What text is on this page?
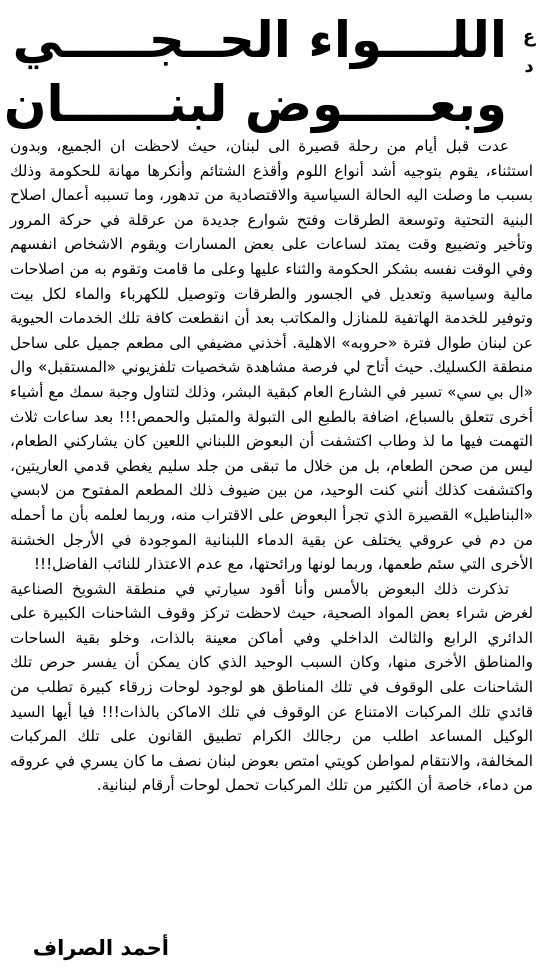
ع د
اللــــواء الحــجـــــي
وبعـــــوض لبنــــــان

عدت قبل أيام من رحلة قصيرة الى لبنان، حيث لاحظت ان الجميع، وبدون استثناء، يقوم بتوجيه أشد أنواع اللوم وأقذع الشتائم وأنكرها مهانة للحكومة وذلك بسبب ما وصلت اليه الحالة السياسية والاقتصادية من تدهور، وما تسببه أعمال اصلاح البنية التحتية وتوسعة الطرقات وفتح شوارع جديدة من عرقلة في حركة المرور وتأخير وتضييع وقت يمتد لساعات على بعض المسارات ويقوم الاشخاص انفسهم وفي الوقت نفسه بشكر الحكومة والثناء عليها وعلى ما قامت وتقوم به من اصلاحات مالية وسياسية وتعديل في الجسور والطرقات وتوصيل للكهرباء والماء لكل بيت وتوفير للخدمة الهاتفية للمنازل والمكاتب بعد أن انقطعت كافة تلك الخدمات الحيوية عن لبنان طوال فترة «حروبه» الاهلية. أخذني مضيفي الى مطعم جميل على ساحل منطقة الكسليك. حيث أتاح لي فرصة مشاهدة شخصيات تلفزيوني «المستقبل» وال «ال بي سي» تسير في الشارع العام كبقية البشر، وذلك لتناول وجبة سمك مع أشياء أخرى تتعلق بالسباع، اضافة بالطبع الى التبولة والمتبل والحمص!!! بعد ساعات ثلاث التهمت فيها ما لذ وطاب اكتشفت أن البعوض اللبناني اللعين كان يشاركني الطعام، ليس من صحن الطعام، بل من خلال ما تبقى من جلد سليم يغطي قدمي العاريتين، واكتشفت كذلك أنني كنت الوحيد، من بين ضيوف ذلك المطعم المفتوح من لابسي «البناطيل» القصيرة الذي تجرأ البعوض على الاقتراب منه، وربما لعلمه بأن ما أحمله من دم في عروقي يختلف عن بقية الدماء اللبنانية الموجودة في الأرجل الخشنة الأخرى التي سئم طعمها، وربما لونها ورائحتها، مع عدم الاعتذار للنائب الفاضل!!!

تذكرت ذلك البعوض بالأمس وأنا أقود سيارتي في منطقة الشويخ الصناعية لغرض شراء بعض المواد الصحية، حيث لاحظت تركز وقوف الشاحنات الكبيرة على الدائري الرابع والثالث الداخلي وفي أماكن معينة بالذات، وخلو بقية الساحات والمناطق الأخرى منها، وكان السبب الوحيد الذي كان يمكن أن يفسر حرص تلك الشاحنات على الوقوف في تلك المناطق هو لوجود لوحات زرقاء كبيرة تطلب من قائدي تلك المركبات الامتناع عن الوقوف في تلك الاماكن بالذات!!! فيا أيها السيد الوكيل المساعد اطلب من رجالك الكرام تطبيق القانون على تلك المركبات المخالفة، والانتقام لمواطن كويتي امتص بعوض لبنان نصف ما كان يسري في عروقه من دماء، خاصة أن الكثير من تلك المركبات تحمل لوحات أرقام لبنانية.

أحمد الصراف
